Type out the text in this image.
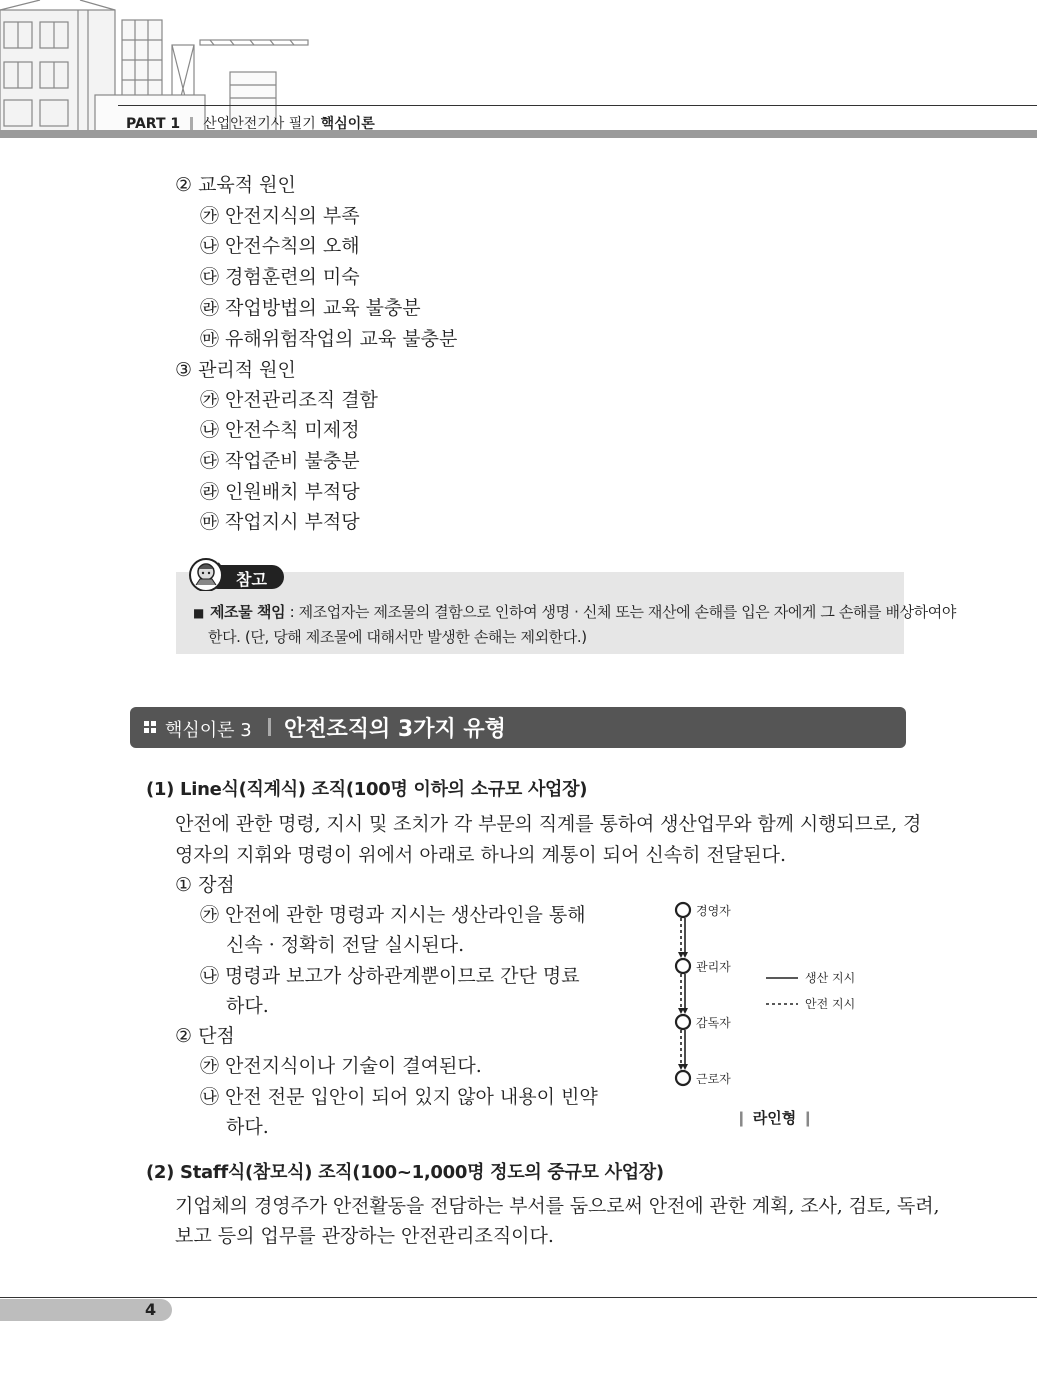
PART 1 산업안전기사 필기 핵심이론
② 교육적 원인
㉮ 안전지식의 부족
㉯ 안전수칙의 오해
㉰ 경험훈련의 미숙
㉱ 작업방법의 교육 불충분
㉲ 유해위험작업의 교육 불충분
③ 관리적 원인
㉮ 안전관리조직 결함
㉯ 안전수칙 미제정
㉰ 작업준비 불충분
㉱ 인원배치 부적당
㉲ 작업지시 부적당
참고
■ 제조물 책임 : 제조업자는 제조물의 결함으로 인하여 생명 · 신체 또는 재산에 손해를 입은 자에게 그 손해를 배상하여야
한다. (단, 당해 제조물에 대해서만 발생한 손해는 제외한다.)
핵심이론 3 안전조직의 3가지 유형
(1) Line식(직계식) 조직(100명 이하의 소규모 사업장)
안전에 관한 명령, 지시 및 조치가 각 부문의 직계를 통하여 생산업무와 함께 시행되므로, 경
영자의 지휘와 명령이 위에서 아래로 하나의 계통이 되어 신속히 전달된다.
① 장점
㉮ 안전에 관한 명령과 지시는 생산라인을 통해
신속 · 정확히 전달 실시된다.
㉯ 명령과 보고가 상하관계뿐이므로 간단 명료
하다.
② 단점
㉮ 안전지식이나 기술이 결여된다.
㉯ 안전 전문 입안이 되어 있지 않아 내용이 빈약
하다.
경영자
관리자
감독자
근로자
생산 지시
안전 지시
❙ 라인형 ❙
(2) Staff식(참모식) 조직(100~1,000명 정도의 중규모 사업장)
기업체의 경영주가 안전활동을 전담하는 부서를 둠으로써 안전에 관한 계획, 조사, 검토, 독려,
보고 등의 업무를 관장하는 안전관리조직이다.
4
